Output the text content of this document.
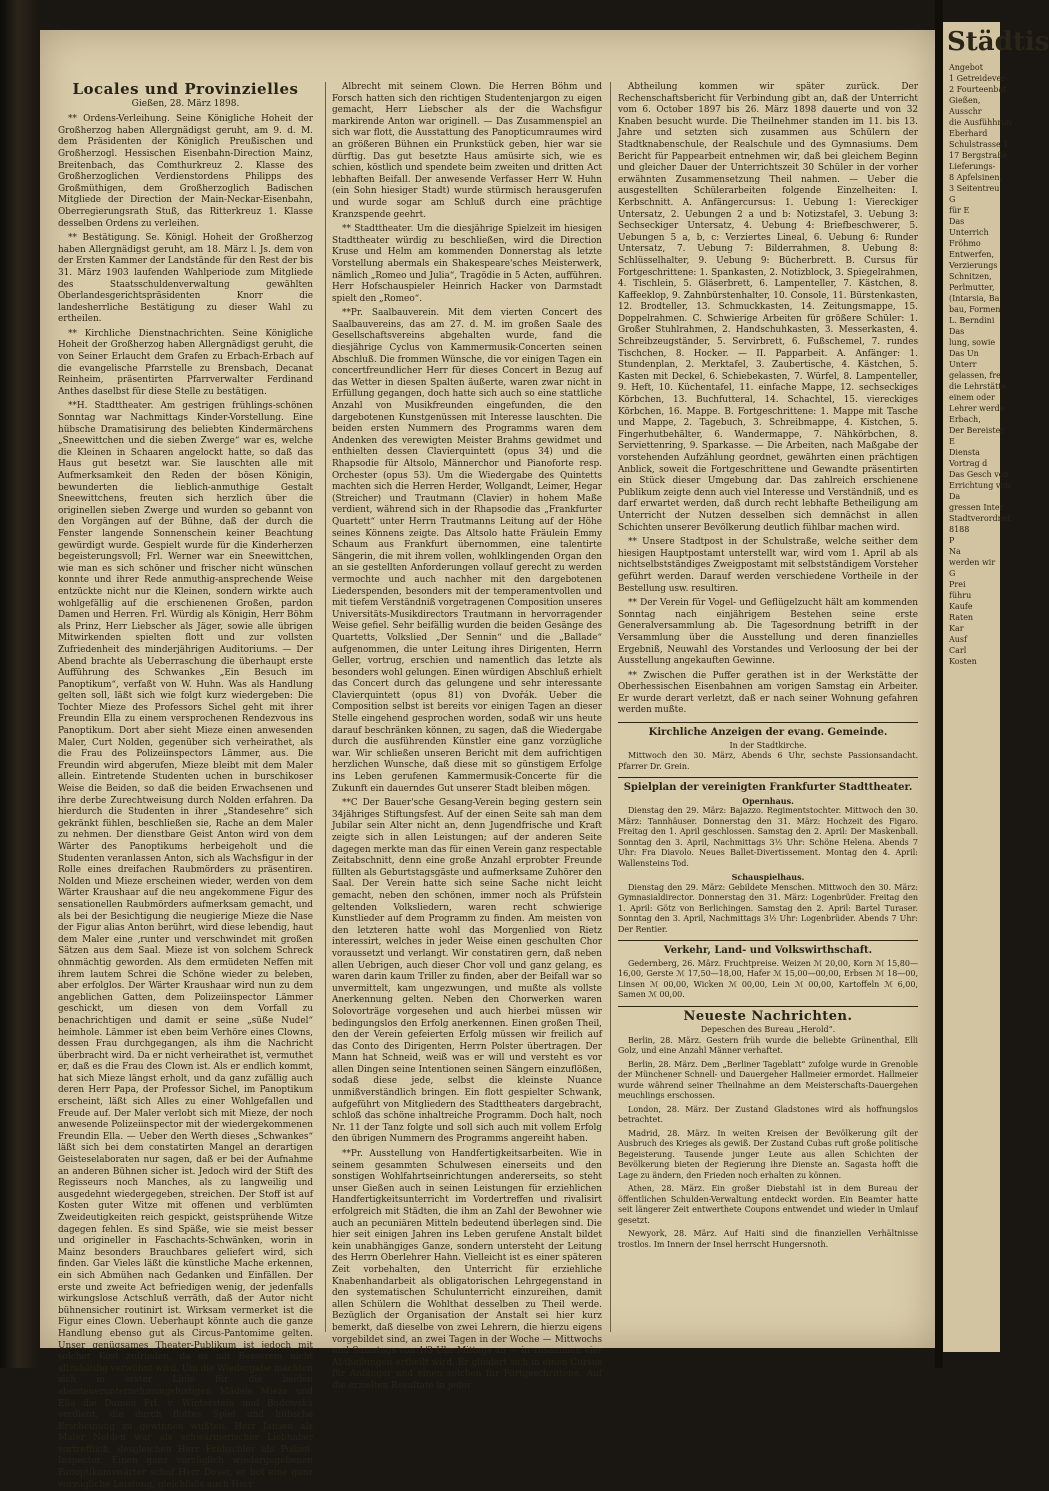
Locales und Provinzielles
Gießen, 28. März 1898.

** Ordens-Verleihung. Seine Königliche Hoheit der Großherzog haben Allergnädigst geruht, am 9. d. M. dem Präsidenten der Königlich Preußischen und Großherzogl. Hessischen Eisenbahn-Direction Mainz, Breitenbach, das Comthurkreuz 2. Klasse des Großherzoglichen Verdienstordens Philipps des Großmüthigen, dem Großherzoglich Badischen Mitgliede der Direction der Main-Neckar-Eisenbahn, Oberregierungsrath Stuß, das Ritterkreuz 1. Klasse desselben Ordens zu verleihen.

** Bestätigung. Se. Königl. Hoheit der Großherzog haben Allergnädigst geruht, am 18. März l. Js. dem von der Ersten Kammer der Landstände für den Rest der bis 31. März 1903 laufenden Wahlperiode zum Mitgliede des Staatsschuldenverwaltung gewählten Oberlandesgerichtspräsidenten Knorr die landesherrliche Bestätigung zu dieser Wahl zu ertheilen.

** Kirchliche Dienstnachrichten. Seine Königliche Hoheit der Großherzog haben Allergnädigst geruht, die von Seiner Erlaucht dem Grafen zu Erbach-Erbach auf die evangelische Pfarrstelle zu Brensbach, Decanat Reinheim, präsentirten Pfarrverwalter Ferdinand Anthes daselbst für diese Stelle zu bestätigen.

**H. Stadttheater. Am gestrigen frühlings-schönen Sonntag war Nachmittags Kinder-Vorstellung. Eine hübsche Dramatisirung des beliebten Kindermärchens „Sneewittchen und die sieben Zwerge“ war es, welche die Kleinen in Schaaren angelockt hatte, so daß das Haus gut besetzt war. Sie lauschten alle mit Aufmerksamkeit den Reden der bösen Königin, bewunderten die lieblich-anmuthige Gestalt Sneewittchens, freuten sich herzlich über die originellen sieben Zwerge und wurden so gebannt von den Vorgängen auf der Bühne, daß der durch die Fenster langende Sonnenschein keiner Beachtung gewürdigt wurde. Gespielt wurde für die Kinderherzen begeisterungsvoll; Frl. Werner war ein Sneewittchen, wie man es sich schöner und frischer nicht wünschen konnte und ihrer Rede anmuthig-ansprechende Weise entzückte nicht nur die Kleinen, sondern wirkte auch wohlgefällig auf die erschienenen Großen, pardon Damen und Herren. Frl. Würdig als Königin, Herr Böhm als Prinz, Herr Liebscher als Jäger, sowie alle übrigen Mitwirkenden spielten flott und zur vollsten Zufriedenheit des minderjährigen Auditoriums. — Der Abend brachte als Ueberraschung die überhaupt erste Aufführung des Schwankes „Ein Besuch im Panoptikum“, verfaßt von W. Huhn. Was als Handlung gelten soll, läßt sich wie folgt kurz wiedergeben: Die Tochter Mieze des Professors Sichel geht mit ihrer Freundin Ella zu einem versprochenen Rendezvous ins Panoptikum. Dort aber sieht Mieze einen anwesenden Maler, Curt Nolden, gegenüber sich verheirathet, als die Frau des Polizeiinspectors Lämmer, aus. Die Freundin wird abgerufen, Mieze bleibt mit dem Maler allein. Eintretende Studenten uchen in burschikoser Weise die Beiden, so daß die beiden Erwachsenen und ihre derbe Zurechtweisung durch Nolden erfahren. Da hierdurch die Studenten in ihrer „Standesehre“ sich gekränkt fühlen, beschließen sie, Rache an dem Maler zu nehmen. Der dienstbare Geist Anton wird von dem Wärter des Panoptikums herbeigeholt und die Studenten veranlassen Anton, sich als Wachsfigur in der Rolle eines dreifachen Raubmörders zu präsentiren. Nolden und Mieze erscheinen wieder, werden von dem Wärter Kraushaar auf die neu angekommene Figur des sensationellen Raubmörders aufmerksam gemacht, und als bei der Besichtigung die neugierige Mieze die Nase der Figur alias Anton berührt, wird diese lebendig, haut dem Maler eine ‚runter und verschwindet mit großen Sätzen aus dem Saal. Mieze ist von solchem Schreck ohnmächtig geworden. Als dem ermüdeten Neffen mit ihrem lautem Schrei die Schöne wieder zu beleben, aber erfolglos. Der Wärter Kraushaar wird nun zu dem angeblichen Gatten, dem Polizeiinspector Lämmer geschickt, um diesen von dem Vorfall zu benachrichtigen und damit er seine „süße Nudel“ heimhole. Lämmer ist eben beim Verhöre eines Clowns, dessen Frau durchgegangen, als ihm die Nachricht überbracht wird. Da er nicht verheirathet ist, vermuthet er, daß es die Frau des Clown ist. Als er endlich kommt, hat sich Mieze längst erholt, und da ganz zufällig auch deren Herr Papa, der Professor Sichel, im Panoptikum erscheint, läßt sich Alles zu einer Wohlgefallen und Freude auf. Der Maler verlobt sich mit Mieze, der noch anwesende Polizeiinspector mit der wiedergekommenen Freundin Ella. — Ueber den Werth dieses „Schwankes“ läßt sich bei dem constatirten Mangel an derartigen Geisteselaboraten nur sagen, daß er bei der Aufnahme an anderen Bühnen sicher ist. Jedoch wird der Stift des Regisseurs noch Manches, als zu langweilig und ausgedehnt wiedergegeben, streichen. Der Stoff ist auf Kosten guter Witze mit offenen und verblümten Zweideutigkeiten reich gespickt, geistsprühende Witze dagegen fehlen. Es sind Späße, wie sie meist besser und origineller in Faschachts-Schwänken, worin in Mainz besonders Brauchbares geliefert wird, sich finden. Gar Vieles läßt die künstliche Mache erkennen, ein sich Abmühen nach Gedanken und Einfällen. Der erste und zweite Act befriedigen wenig, der jedenfalls wirkungslose Actschluß verräth, daß der Autor nicht bühnensicher routinirt ist. Wirksam vermerket ist die Figur eines Clown. Ueberhaupt könnte auch die ganze Handlung ebenso gut als Circus-Pantomime gelten. Unser genügsames Theater-Publikum ist jedoch mit solcher Kost zufrieden, da es mit Besserem nicht allzuhäufig verwöhnt wird. Um die Wiedergabe machten sich in erster Linie für die beiden abenteuerunternehmungslustigen Mädels Mieze und Ella die Damen Frl. v. Winterstein und Budowska verdient, die durch flottes Spiel und hübsche Erscheinung zu gewinnen wußten. Herr Jansen als Maler Nolden war als schwärmerischer Liebhaber vortrefflich, desgleichen Herr Frühschler als Polizei-Inspector. Einen ganz vorzüglich wiedergegebenen Panoptikumswärter schuf Herr Doser, er bot eine ganz vorzügliche Leistung, gleichfalls auch Herr

Albrecht mit seinem Clown. Die Herren Böhm und Forsch hatten sich den richtigen Studentenjargon zu eigen gemacht, Herr Liebscher als der die Wachsfigur markirende Anton war originell. — Das Zusammenspiel an sich war flott, die Ausstattung des Panopticumraumes wird an größeren Bühnen ein Prunkstück geben, hier war sie dürftig. Das gut besetzte Haus amüsirte sich, wie es schien, köstlich und spendete beim zweiten und dritten Act lebhaften Beifall. Der anwesende Verfasser Herr W. Huhn (ein Sohn hiesiger Stadt) wurde stürmisch herausgerufen und wurde sogar am Schluß durch eine prächtige Kranzspende geehrt.

** Stadttheater. Um die diesjährige Spielzeit im hiesigen Stadttheater würdig zu beschließen, wird die Direction Kruse und Helm am kommenden Donnerstag als letzte Vorstellung abermals ein Shakespeare'sches Meisterwerk, nämlich „Romeo und Julia“, Tragödie in 5 Acten, aufführen. Herr Hofschauspieler Heinrich Hacker von Darmstadt spielt den „Romeo“.

**Pr. Saalbauverein. Mit dem vierten Concert des Saalbauvereins, das am 27. d. M. im großen Saale des Gesellschaftsvereins abgehalten wurde, fand die diesjährige Cyclus von Kammermusik-Concerten seinen Abschluß. Die frommen Wünsche, die vor einigen Tagen ein concertfreundlicher Herr für dieses Concert in Bezug auf das Wetter in diesen Spalten äußerte, waren zwar nicht in Erfüllung gegangen, doch hatte sich auch so eine stattliche Anzahl von Musikfreunden eingefunden, die den dargebotenen Kunstgenüssen mit Interesse lauschten. Die beiden ersten Nummern des Programms waren dem Andenken des verewigten Meister Brahms gewidmet und enthielten dessen Clavierquintett (opus 34) und die Rhapsodie für Altsolo, Männerchor und Pianoforte resp. Orchester (opus 53). Um die Wiedergabe des Quintetts machten sich die Herren Herder, Wollgandt, Leimer, Hegar (Streicher) und Trautmann (Clavier) in hohem Maße verdient, während sich in der Rhapsodie das „Frankfurter Quartett“ unter Herrn Trautmanns Leitung auf der Höhe seines Könnens zeigte. Das Altsolo hatte Fräulein Emmy Schaum aus Frankfurt übernommen, eine talentirte Sängerin, die mit ihrem vollen, wohlklingenden Organ den an sie gestellten Anforderungen vollauf gerecht zu werden vermochte und auch nachher mit den dargebotenen Liederspenden, besonders mit der temperamentvollen und mit tiefem Verständniß vorgetragenen Composition unseres Universitäts-Musikdirectors Trautmann in hervorragender Weise gefiel. Sehr beifällig wurden die beiden Gesänge des Quartetts, Volkslied „Der Sennin“ und die „Ballade“ aufgenommen, die unter Leitung ihres Dirigenten, Herrn Geller, vortrug, erschien und namentlich das letzte als besonders wohl gelungen. Einen würdigen Abschluß erhielt das Concert durch das gelungene und sehr interessante Clavierquintett (opus 81) von Dvořák. Ueber die Composition selbst ist bereits vor einigen Tagen an dieser Stelle eingehend gesprochen worden, sodaß wir uns heute darauf beschränken können, zu sagen, daß die Wiedergabe durch die ausführenden Künstler eine ganz vorzügliche war. Wir schließen unseren Bericht mit dem aufrichtigen herzlichen Wunsche, daß diese mit so günstigem Erfolge ins Leben gerufenen Kammermusik-Concerte für die Zukunft ein dauerndes Gut unserer Stadt bleiben mögen.

**C Der Bauer'sche Gesang-Verein beging gestern sein 34jähriges Stiftungsfest. Auf der einen Seite sah man dem Jubilar sein Alter nicht an, denn Jugendfrische und Kraft zeigte sich in allen Leistungen; auf der anderen Seite dagegen merkte man das für einen Verein ganz respectable Zeitabschnitt, denn eine große Anzahl erprobter Freunde füllten als Geburtstagsgäste und aufmerksame Zuhörer den Saal. Der Verein hatte sich seine Sache nicht leicht gemacht, neben den schönen, immer noch als Prüfstein geltenden Volksliedern, waren recht schwierige Kunstlieder auf dem Programm zu finden. Am meisten von den letzteren hatte wohl das Morgenlied von Rietz interessirt, welches in jeder Weise einen geschulten Chor voraussetzt und verlangt. Wir constatiren gern, daß neben allen Uebrigen, auch dieser Chor voll und ganz gelang, es waren darin kaum Triller zu finden, aber der Beifall war so unvermittelt, kam ungezwungen, und mußte als vollste Anerkennung gelten. Neben den Chorwerken waren Solovorträge vorgesehen und auch hierbei müssen wir bedingungslos den Erfolg anerkennen. Einen großen Theil, den der Verein gefeierten Erfolg müssen wir freilich auf das Conto des Dirigenten, Herrn Polster übertragen. Der Mann hat Schneid, weiß was er will und versteht es vor allen Dingen seine Intentionen seinen Sängern einzuflößen, sodaß diese jede, selbst die kleinste Nuance unmißverständlich bringen. Ein flott gespielter Schwank, aufgeführt von Mitgliedern des Stadttheaters dargebracht, schloß das schöne inhaltreiche Programm. Doch halt, noch Nr. 11 der Tanz folgte und soll sich auch mit vollem Erfolg den übrigen Nummern des Programms angereiht haben.

**Pr. Ausstellung von Handfertigkeitsarbeiten. Wie in seinem gesammten Schulwesen einerseits und den sonstigen Wohlfahrtseinrichtungen andererseits, so steht unser Gießen auch in seinen Leistungen für erziehlichen Handfertigkeitsunterricht im Vordertreffen und rivalisirt erfolgreich mit Städten, die ihm an Zahl der Bewohner wie auch an pecuniären Mitteln bedeutend überlegen sind. Die hier seit einigen Jahren ins Leben gerufene Anstalt bildet kein unabhängiges Ganze, sondern untersteht der Leitung des Herrn Oberlehrer Hahn. Vielleicht ist es einer späteren Zeit vorbehalten, den Unterricht für erziehliche Knabenhandarbeit als obligatorischen Lehrgegenstand in den systematischen Schulunterricht einzureihen, damit allen Schülern die Wohlthat desselben zu Theil werde. Bezüglich der Organisation der Anstalt sei hier kurz bemerkt, daß dieselbe von zwei Lehrern, die hierzu eigens vorgebildet sind, an zwei Tagen in der Woche — Mittwochs und Samstags von 1/3 Uhr Mittags an — in zusammen vier Abtheilungen ertheilt wird. Er gliedert sich in einen Cursus für Anfänger und einen solchen für Fortgeschrittene. Auf die erzielten Resultate in jeder

Abtheilung kommen wir später zurück. Der Rechenschaftsbericht für Verbindung gibt an, daß der Unterricht vom 6. October 1897 bis 26. März 1898 dauerte und von 32 Knaben besucht wurde. Die Theilnehmer standen im 11. bis 13. Jahre und setzten sich zusammen aus Schülern der Stadtknabenschule, der Realschule und des Gymnasiums. Dem Bericht für Pappearbeit entnehmen wir, daß bei gleichem Beginn und gleicher Dauer der Unterrichtszeit 30 Schüler in der vorher erwähnten Zusammensetzung Theil nahmen. — Ueber die ausgestellten Schülerarbeiten folgende Einzelheiten: I. Kerbschnitt. A. Anfängercursus: 1. Uebung 1: Viereckiger Untersatz, 2. Uebungen 2 a und b: Notizstafel, 3. Uebung 3: Sechseckiger Untersatz, 4. Uebung 4: Briefbeschwerer, 5. Uebungen 5 a, b, c: Verziertes Lineal, 6. Uebung 6: Runder Untersatz, 7. Uebung 7: Bilderrahmen, 8. Uebung 8: Schlüsselhalter, 9. Uebung 9: Bücherbrett. B. Cursus für Fortgeschrittene: 1. Spankasten, 2. Notizblock, 3. Spiegelrahmen, 4. Tischlein, 5. Gläserbrett, 6. Lampenteller, 7. Kästchen, 8. Kaffeeklop, 9. Zahnbürstenhalter, 10. Console, 11. Bürstenkasten, 12. Brodteller, 13. Schmuckkasten, 14. Zeitungsmappe, 15. Doppelrahmen. C. Schwierige Arbeiten für größere Schüler: 1. Großer Stuhlrahmen, 2. Handschuhkasten, 3. Messerkasten, 4. Schreibzeugständer, 5. Servirbrett, 6. Fußschemel, 7. rundes Tischchen, 8. Hocker. — II. Papparbeit. A. Anfänger: 1. Stundenplan, 2. Merktafel, 3. Zaubertische, 4. Kästchen, 5. Kasten mit Deckel, 6. Schiebekasten, 7. Würfel, 8. Lampenteller, 9. Heft, 10. Küchentafel, 11. einfache Mappe, 12. sechseckiges Körbchen, 13. Buchfutteral, 14. Schachtel, 15. viereckiges Körbchen, 16. Mappe. B. Fortgeschrittene: 1. Mappe mit Tasche und Mappe, 2. Tagebuch, 3. Schreibmappe, 4. Kistchen, 5. Fingerhutbehälter, 6. Wandermappe, 7. Nähkörbchen, 8. Serviettenring, 9. Sparkasse. — Die Arbeiten, nach Maßgabe der vorstehenden Aufzählung geordnet, gewährten einen prächtigen Anblick, soweit die Fortgeschrittene und Gewandte präsentirten ein Stück dieser Umgebung dar. Das zahlreich erschienene Publikum zeigte denn auch viel Interesse und Verständniß, und es darf erwartet werden, daß durch recht lebhafte Betheiligung am Unterricht der Nutzen desselben sich demnächst in allen Schichten unserer Bevölkerung deutlich fühlbar machen wird.

** Unsere Stadtpost in der Schulstraße, welche seither dem hiesigen Hauptpostamt unterstellt war, wird vom 1. April ab als nichtselbstständiges Zweigpostamt mit selbstständigem Vorsteher geführt werden. Darauf werden verschiedene Vortheile in der Bestellung usw. resultiren.

** Der Verein für Vogel- und Geflügelzucht hält am kommenden Sonntag nach einjährigem Bestehen seine erste Generalversammlung ab. Die Tagesordnung betrifft in der Versammlung über die Ausstellung und deren finanzielles Ergebniß, Neuwahl des Vorstandes und Verloosung der bei der Ausstellung angekauften Gewinne.

** Zwischen die Puffer gerathen ist in der Werkstätte der Oberhessischen Eisenbahnen am vorigen Samstag ein Arbeiter. Er wurde derart verletzt, daß er nach seiner Wohnung gefahren werden mußte.

Kirchliche Anzeigen der evang. Gemeinde.
In der Stadtkirche.

Mittwoch den 30. März, Abends 6 Uhr, sechste Passionsandacht. Pfarrer Dr. Grein.

Spielplan der vereinigten Frankfurter Stadttheater.
Opernhaus.

Dienstag den 29. März: Bajazzo. Regimentstochter. Mittwoch den 30. März: Tannhäuser. Donnerstag den 31. März: Hochzeit des Figaro. Freitag den 1. April geschlossen. Samstag den 2. April: Der Maskenball. Sonntag den 3. April, Nachmittags 3½ Uhr: Schöne Helena. Abends 7 Uhr: Fra Diavolo. Neues Ballet-Divertissement. Montag den 4. April: Wallensteins Tod.

Schauspielhaus.

Dienstag den 29. März: Gebildete Menschen. Mittwoch den 30. März: Gymnasialdirector. Donnerstag den 31. März: Logenbrüder. Freitag den 1. April: Götz von Berlichingen. Samstag den 2. April: Bartel Turaser. Sonntag den 3. April, Nachmittags 3½ Uhr: Logenbrüder. Abends 7 Uhr: Der Rentier.

Verkehr, Land- und Volkswirthschaft.

Gedernberg, 26. März. Fruchtpreise. Weizen ℳ 20,00, Korn ℳ 15,80—16,00, Gerste ℳ 17,50—18,00, Hafer ℳ 15,00—00,00, Erbsen ℳ 18—00, Linsen ℳ 00,00, Wicken ℳ 00,00, Lein ℳ 00,00, Kartoffeln ℳ 6,00, Samen ℳ 00,00.

Neueste Nachrichten.
Depeschen des Bureau „Herold“.

Berlin, 28. März. Gestern früh wurde die beliebte Grünenthal, Elli Golz, und eine Anzahl Männer verhaftet.

Berlin, 28. März. Dem „Berliner Tageblatt“ zufolge wurde in Grenoble der Münchener Schnell- und Dauergeher Hallmeier ermordet. Hallmeier wurde während seiner Theilnahme an dem Meisterschafts-Dauergehen meuchlings erschossen.

London, 28. März. Der Zustand Gladstones wird als hoffnungslos betrachtet.

Madrid, 28. März. In weiten Kreisen der Bevölkerung gilt der Ausbruch des Krieges als gewiß. Der Zustand Cubas ruft große politische Begeisterung. Tausende junger Leute aus allen Schichten der Bevölkerung bieten der Regierung ihre Dienste an. Sagasta hofft die Lage zu ändern, den Frieden noch erhalten zu können.

Athen, 28. März. Ein großer Diebstahl ist in dem Bureau der öffentlichen Schulden-Verwaltung entdeckt worden. Ein Beamter hatte seit längerer Zeit entwerthete Coupons entwendet und wieder in Umlauf gesetzt.

Newyork, 28. März. Auf Haiti sind die finanziellen Verhältnisse trostlos. Im Innern der Insel herrscht Hungersnoth.

Städtis
Angebot
1 Getreidever-
2 Fourteenbat
Gießen,
Ausschr
die Ausfühhrun
Eberhard
Schulstrasse 1
17 Bergstraße
Lieferungs-
8 Apfelsinen,
3 Seitentreu
G
für E
Das
Unterrich
Fröhmo
Entwerfen,
Verzierungs
Schnitzen,
Perlmutter,
(Intarsia, Ba
bau, Formen
L. Berndini
Das
lung, sowie
Das Un
Unterr
gelassen, fre
die Lehrstätte
einem oder
Lehrer werde
Erbach,
Der Bereister
E
Diensta
Vortrag d
Das Gesch von
Errichtung von
Da
gressen Inter
Stadtverordnet
8188
P
Na
werden wir
G
Prei
führu
Kaufe
Raten
Kar
Ausf
Carl
Kosten
